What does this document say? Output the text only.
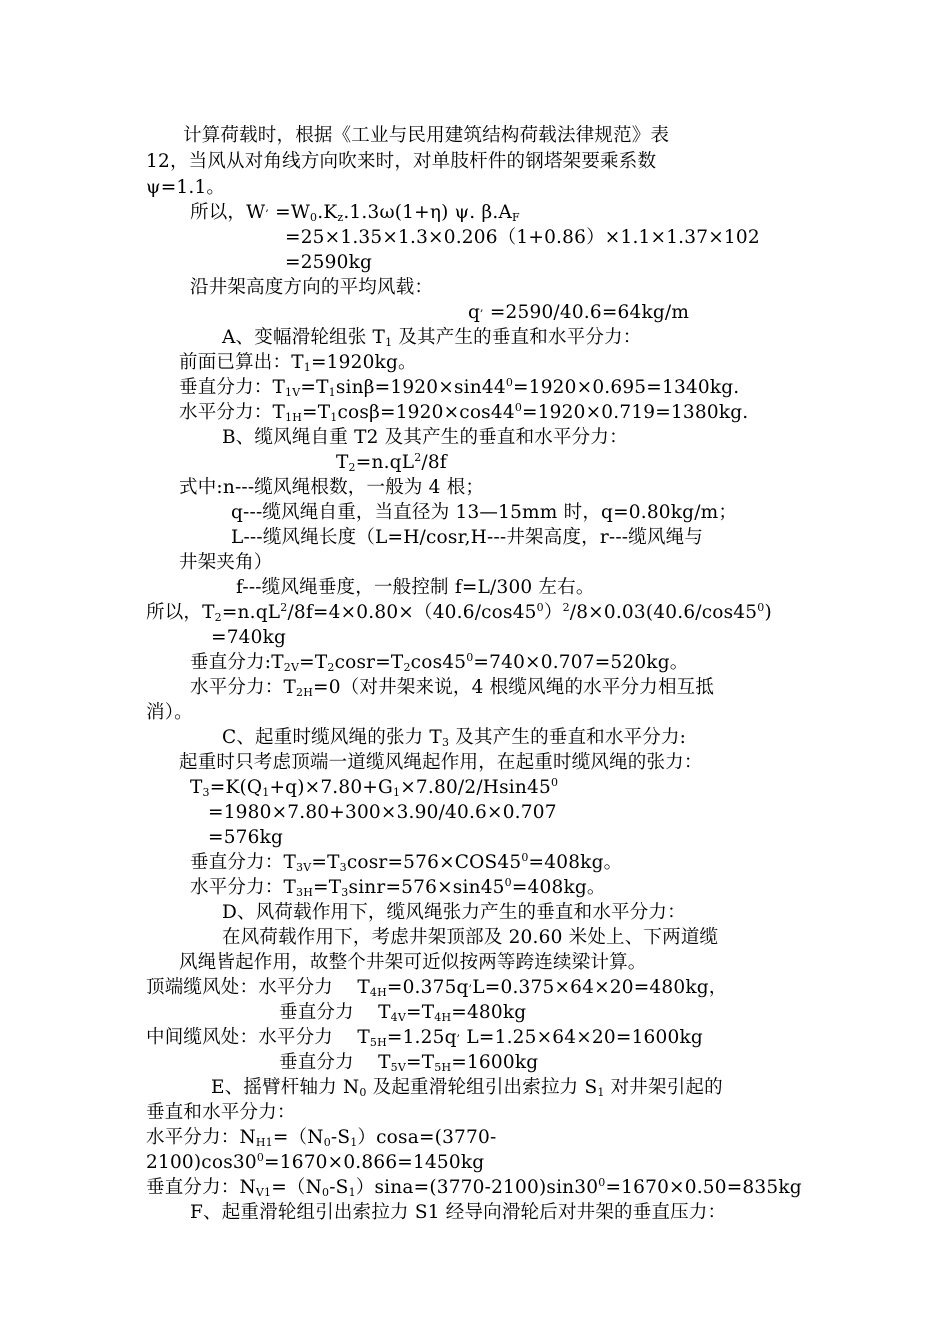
计算荷载时，根据《工业与民用建筑结构荷载法律规范》表
12，当风从对角线方向吹来时，对单肢杆件的钢塔架要乘系数
ψ=1.1。
所以，$W^, =W_0.K_z.1.3\omega(1+\eta)$ ψ. $\beta.A_F$
=25×1.35×1.3×0.206（1+0.86）×1.1×1.37×102
=2590kg
沿井架高度方向的平均风载：
q, =2590/40.6=64kg/m
A、变幅滑轮组张 $T_1$ 及其产生的垂直和水平分力：
前面已算出：$T_1=1920kg$。
垂直分力：$T_{1V}=T_1\sin\beta=1920\times\sin 44^0=1920\times 0.695=1340kg$.
水平分力：$T_{1H}=T_1\cos\beta=1920\times\cos 44^0=1920\times 0.719=1380kg$.
B、缆风绳自重 T2 及其产生的垂直和水平分力：
$T_2=n.qL^2/8f$
式中:n---缆风绳根数，一般为 4 根；
q---缆风绳自重，当直径为 13—15mm 时，q=0.80kg/m；
L---缆风绳长度（L=H/cosr,H---井架高度，r---缆风绳与
井架夹角）
f---缆风绳垂度，一般控制 f=L/300 左右。
所以，$T_2=n.qL^2/8f=4\times 0.80\times(40.6/\cos 45^0)^2/8\times 0.03(40.6/\cos 45^0)$
=740kg
垂直分力$:T_{2V}=T_2\cos r=T_2\cos 45^0=740\times 0.707=520kg$。
水平分力：$T_{2H}=0$（对井架来说，4 根缆风绳的水平分力相互抵
消）。
C、起重时缆风绳的张力 $T_3$ 及其产生的垂直和水平分力:
起重时只考虑顶端一道缆风绳起作用，在起重时缆风绳的张力：
$T_3=K(Q_1+q)\times 7.80+G_1\times 7.80/2/Hsin45^0$
=1980×7.80+300×3.90/40.6×0.707
=576kg
垂直分力：$T_{3V}=T_3\cos r=576\times COS45^0=408kg$。
水平分力：$T_{3H}=T_3\sin r=576\times\sin 45^0=408kg$。
D、风荷载作用下，缆风绳张力产生的垂直和水平分力：
在风荷载作用下，考虑井架顶部及 20.60 米处上、下两道缆
风绳皆起作用，故整个井架可近似按两等跨连续梁计算。
顶端缆风处：水平分力    $T_{4H}=0.375q^,L=0.375\times 64\times 20=480kg$，
垂直分力    $T_{4V}=T_{4H}=480kg$
中间缆风处：水平分力    $T_{5H}=1.25q^,$ L=1.25×64×20=1600kg
垂直分力    $T_{5V}=T_{5H}=1600kg$
E、摇臂杆轴力 $N_0$ 及起重滑轮组引出索拉力 $S_1$ 对井架引起的
垂直和水平分力：
水平分力：$N_{H1}=(N_0-S_1)\cos a=(3770-$
$2100)\cos 30^0=1670\times 0.866=1450kg$
垂直分力：$N_{V1}=(N_0-S_1)\sin a=(3770-2100)\sin 30^0=1670\times 0.50=835kg$
F、起重滑轮组引出索拉力 S1 经导向滑轮后对井架的垂直压力：
